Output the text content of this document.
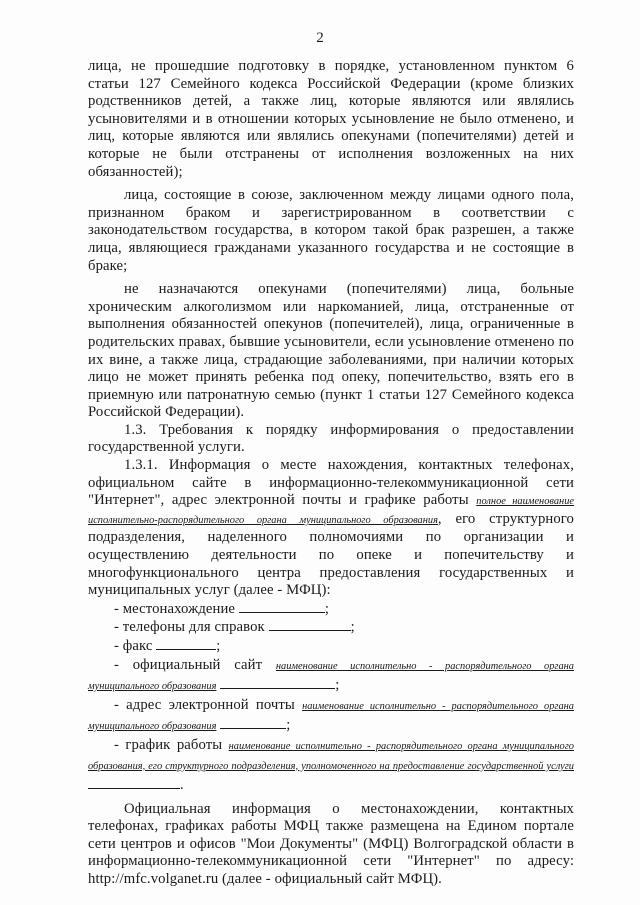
2

лица, не прошедшие подготовку в порядке, установленном пунктом 6 статьи 127 Семейного кодекса Российской Федерации (кроме близких родственников детей, а также лиц, которые являются или являлись усыновителями и в отношении которых усыновление не было отменено, и лиц, которые являются или являлись опекунами (попечителями) детей и которые не были отстранены от исполнения возложенных на них обязанностей);

лица, состоящие в союзе, заключенном между лицами одного пола, признанном браком и зарегистрированном в соответствии с законодательством государства, в котором такой брак разрешен, а также лица, являющиеся гражданами указанного государства и не состоящие в браке;

не назначаются опекунами (попечителями) лица, больные хроническим алкоголизмом или наркоманией, лица, отстраненные от выполнения обязанностей опекунов (попечителей), лица, ограниченные в родительских правах, бывшие усыновители, если усыновление отменено по их вине, а также лица, страдающие заболеваниями, при наличии которых лицо не может принять ребенка под опеку, попечительство, взять его в приемную или патронатную семью (пункт 1 статьи 127 Семейного кодекса Российской Федерации).

1.3. Требования к порядку информирования о предоставлении государственной услуги.

1.3.1. Информация о месте нахождения, контактных телефонах, официальном сайте в информационно-телекоммуникационной сети "Интернет", адрес электронной почты и графике работы полное наименование исполнительно-распорядительного органа муниципального образования, его структурного подразделения, наделенного полномочиями по организации и осуществлению деятельности по опеке и попечительству и многофункционального центра предоставления государственных и муниципальных услуг (далее - МФЦ):

- местонахождение	;

- телефоны для справок	;

- факс	;

- официальный сайт наименование исполнительно - распорядительного органа муниципального образования	;

- адрес электронной почты наименование исполнительно - распорядительного органа муниципального образования	;

- график работы наименование исполнительно - распорядительного органа муниципального образования, его структурного подразделения, уполномоченного на предоставление государственной услуги .

Официальная информация о местонахождении, контактных телефонах, графиках работы МФЦ также размещена на Едином портале сети центров и офисов "Мои Документы" (МФЦ) Волгоградской области в информационно-телекоммуникационной сети "Интернет" по адресу: http://mfc.volganet.ru (далее - официальный сайт МФЦ).
